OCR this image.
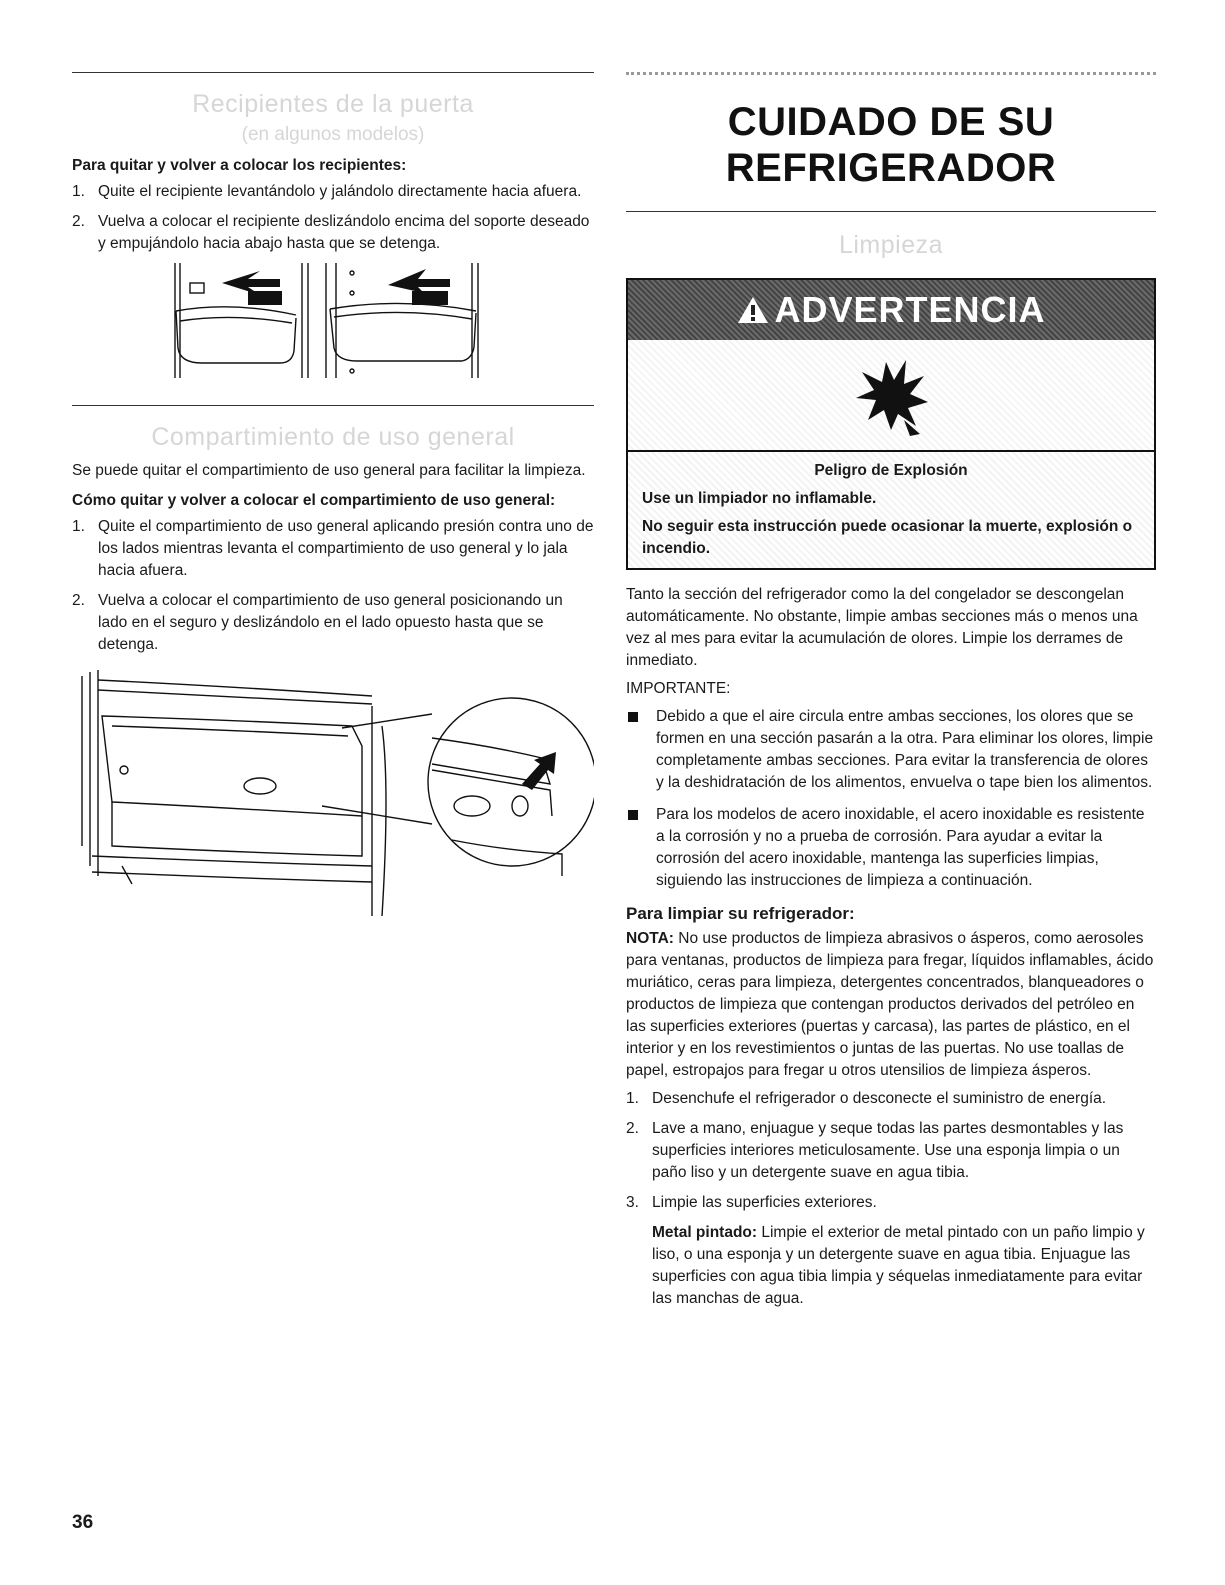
Recipientes de la puerta
(en algunos modelos)
Para quitar y volver a colocar los recipientes:
1. Quite el recipiente levantándolo y jalándolo directamente hacia afuera.
2. Vuelva a colocar el recipiente deslizándolo encima del soporte deseado y empujándolo hacia abajo hasta que se detenga.
Compartimiento de uso general

Se puede quitar el compartimiento de uso general para facilitar la limpieza.

Cómo quitar y volver a colocar el compartimiento de uso general:
1. Quite el compartimiento de uso general aplicando presión contra uno de los lados mientras levanta el compartimiento de uso general y lo jala hacia afuera.
2. Vuelva a colocar el compartimiento de uso general posicionando un lado en el seguro y deslizándolo en el lado opuesto hasta que se detenga.
CUIDADO DE SU
REFRIGERADOR
Limpieza
ADVERTENCIA
Peligro de Explosión
Use un limpiador no inflamable.
No seguir esta instrucción puede ocasionar la muerte, explosión o incendio.

Tanto la sección del refrigerador como la del congelador se descongelan automáticamente. No obstante, limpie ambas secciones más o menos una vez al mes para evitar la acumulación de olores. Limpie los derrames de inmediato.

IMPORTANTE:
Debido a que el aire circula entre ambas secciones, los olores que se formen en una sección pasarán a la otra. Para eliminar los olores, limpie completamente ambas secciones. Para evitar la transferencia de olores y la deshidratación de los alimentos, envuelva o tape bien los alimentos.
Para los modelos de acero inoxidable, el acero inoxidable es resistente a la corrosión y no a prueba de corrosión. Para ayudar a evitar la corrosión del acero inoxidable, mantenga las superficies limpias, siguiendo las instrucciones de limpieza a continuación.
Para limpiar su refrigerador:

NOTA: No use productos de limpieza abrasivos o ásperos, como aerosoles para ventanas, productos de limpieza para fregar, líquidos inflamables, ácido muriático, ceras para limpieza, detergentes concentrados, blanqueadores o productos de limpieza que contengan productos derivados del petróleo en las superficies exteriores (puertas y carcasa), las partes de plástico, en el interior y en los revestimientos o juntas de las puertas. No use toallas de papel, estropajos para fregar u otros utensilios de limpieza ásperos.

1. Desenchufe el refrigerador o desconecte el suministro de energía.
2. Lave a mano, enjuague y seque todas las partes desmontables y las superficies interiores meticulosamente. Use una esponja limpia o un paño liso y un detergente suave en agua tibia.
3. Limpie las superficies exteriores.

Metal pintado: Limpie el exterior de metal pintado con un paño limpio y liso, o una esponja y un detergente suave en agua tibia. Enjuague las superficies con agua tibia limpia y séquelas inmediatamente para evitar las manchas de agua.

36
